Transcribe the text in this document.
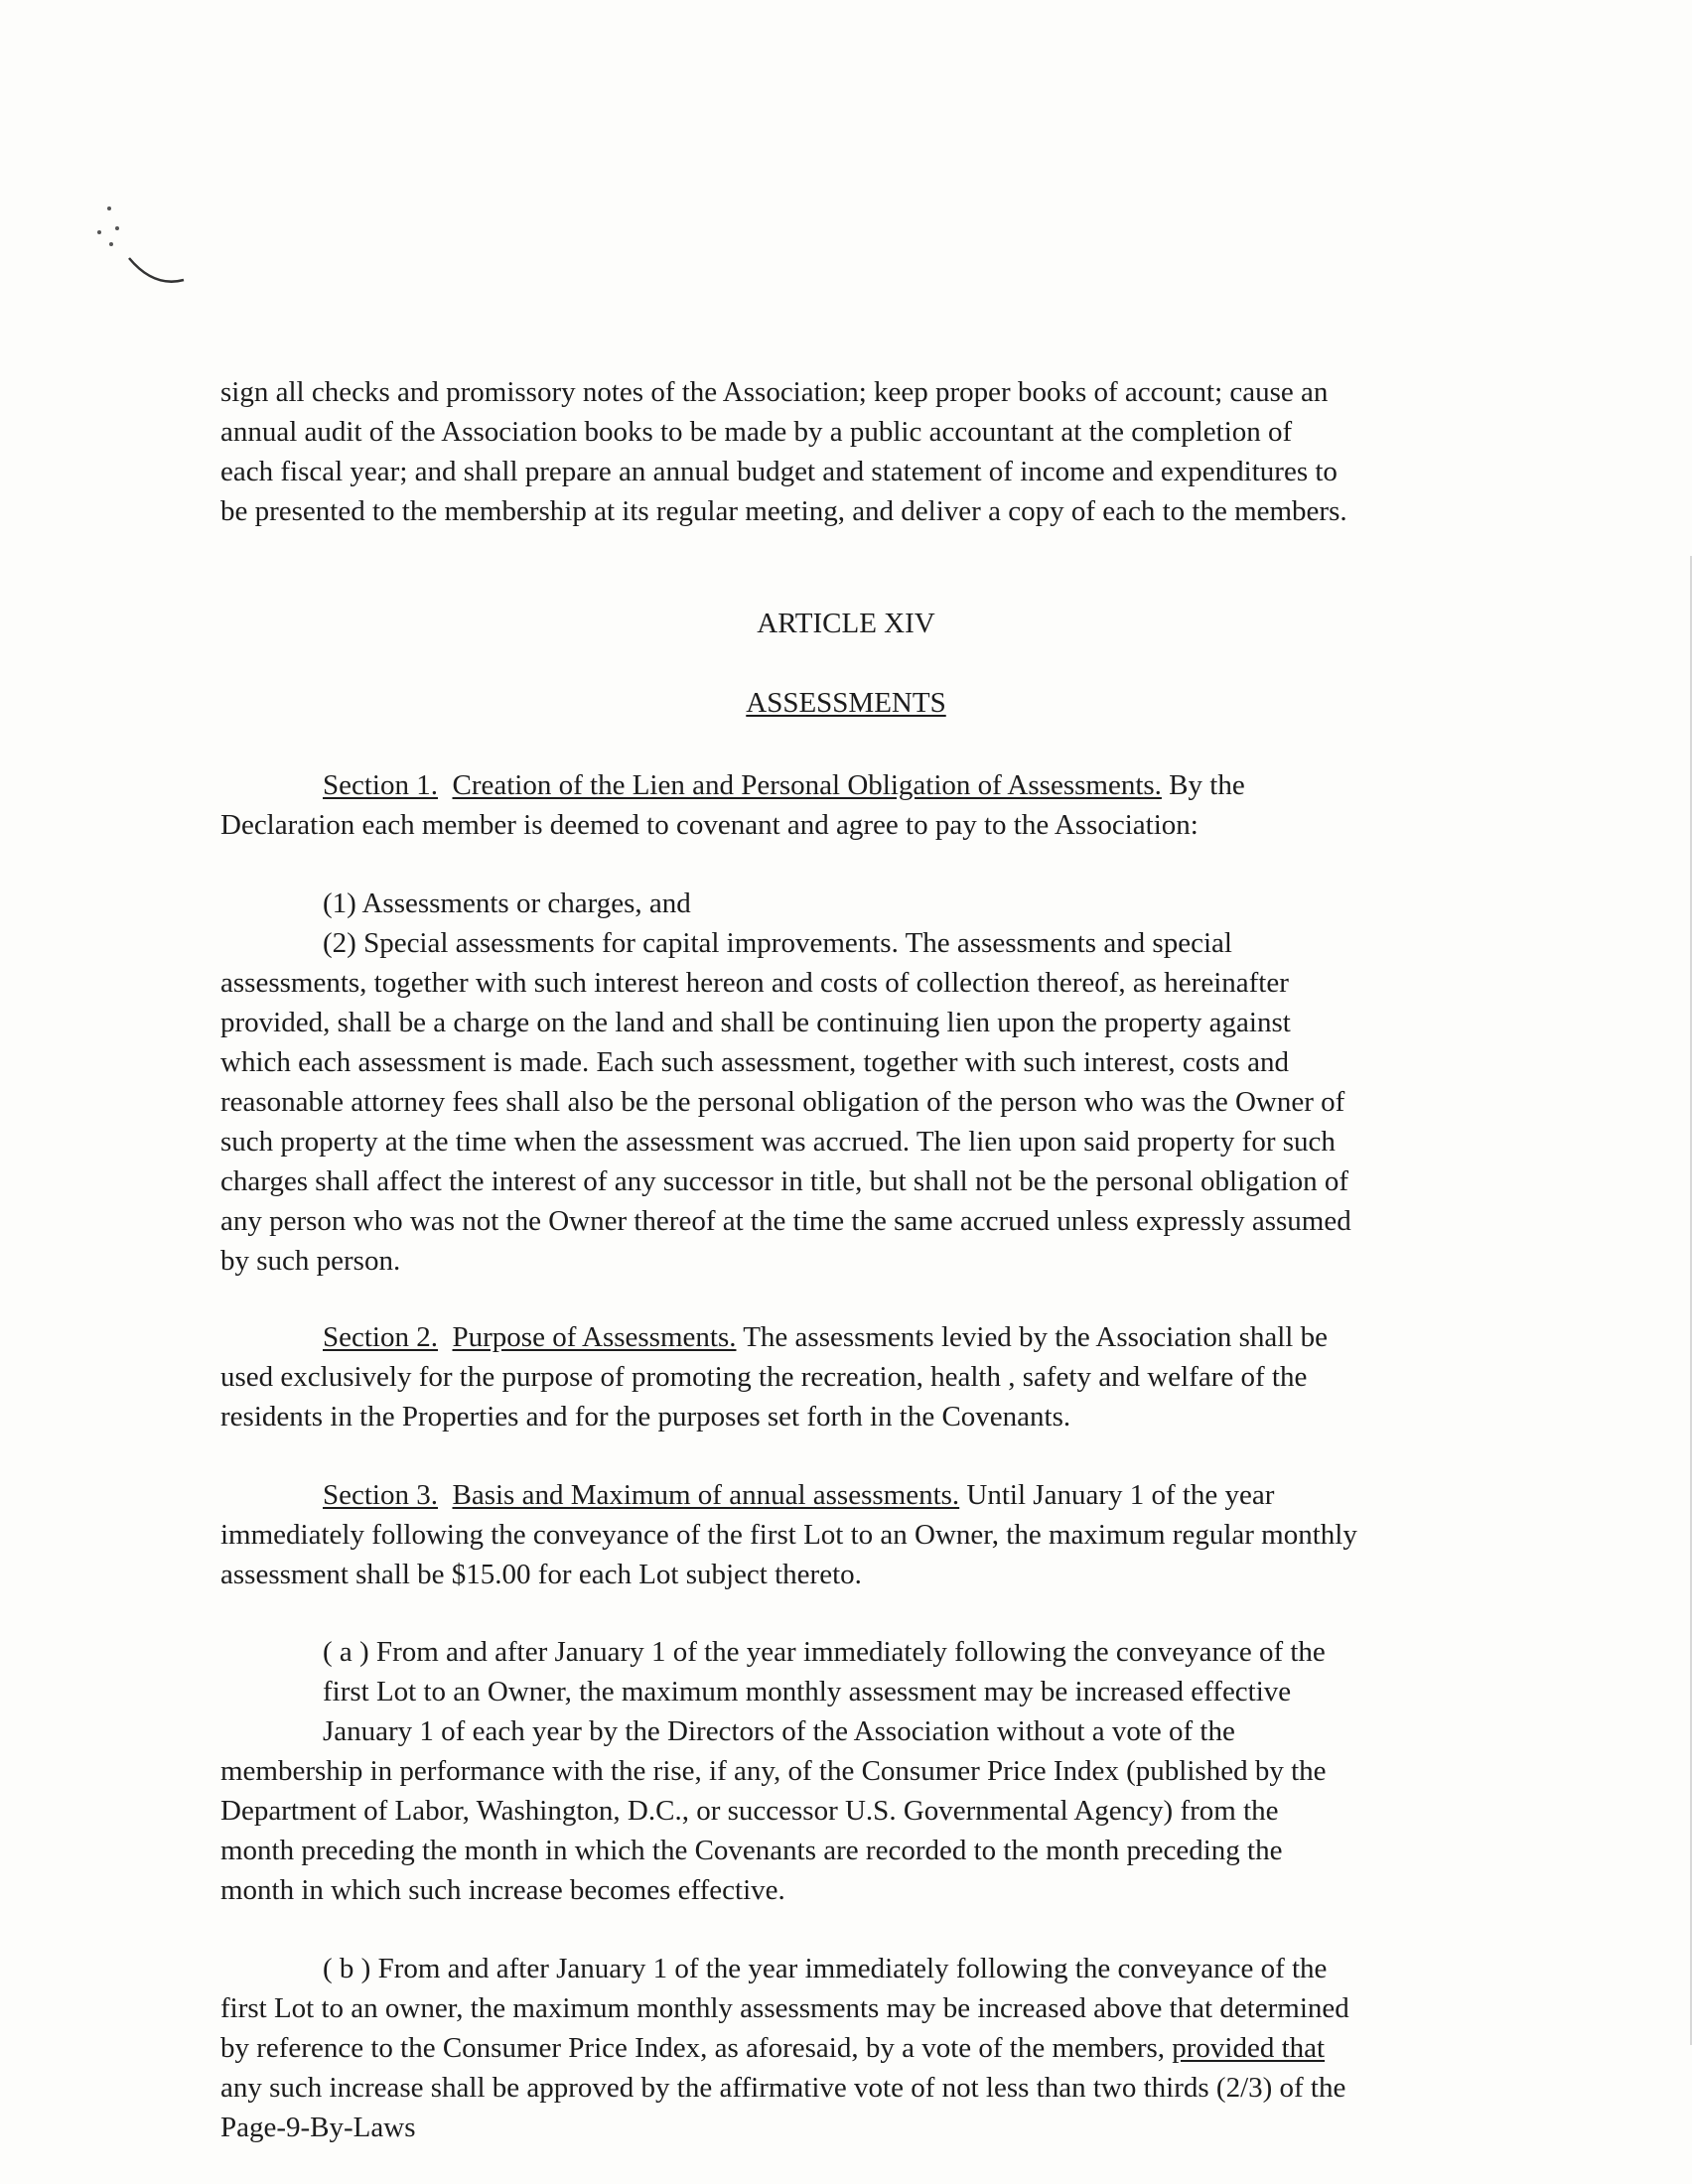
sign all checks and promissory notes of the Association; keep proper books of account; cause an
annual audit of the Association books to be made by a public accountant at the completion of
each fiscal year; and shall prepare an annual budget and statement of income and expenditures to
be presented to the membership at its regular meeting, and deliver a copy of each to the members.

ARTICLE XIV

ASSESSMENTS

Section 1. Creation of the Lien and Personal Obligation of Assessments. By the
Declaration each member is deemed to covenant and agree to pay to the Association:

(1) Assessments or charges, and
(2) Special assessments for capital improvements. The assessments and special
assessments, together with such interest hereon and costs of collection thereof, as hereinafter
provided, shall be a charge on the land and shall be continuing lien upon the property against
which each assessment is made. Each such assessment, together with such interest, costs and
reasonable attorney fees shall also be the personal obligation of the person who was the Owner of
such property at the time when the assessment was accrued. The lien upon said property for such
charges shall affect the interest of any successor in title, but shall not be the personal obligation of
any person who was not the Owner thereof at the time the same accrued unless expressly assumed
by such person.

Section 2. Purpose of Assessments. The assessments levied by the Association shall be
used exclusively for the purpose of promoting the recreation, health , safety and welfare of the
residents in the Properties and for the purposes set forth in the Covenants.

Section 3. Basis and Maximum of annual assessments. Until January 1 of the year
immediately following the conveyance of the first Lot to an Owner, the maximum regular monthly
assessment shall be $15.00 for each Lot subject thereto.

( a ) From and after January 1 of the year immediately following the conveyance of the
first Lot to an Owner, the maximum monthly assessment may be increased effective
January 1 of each year by the Directors of the Association without a vote of the
membership in performance with the rise, if any, of the Consumer Price Index (published by the
Department of Labor, Washington, D.C., or successor U.S. Governmental Agency) from the
month preceding the month in which the Covenants are recorded to the month preceding the
month in which such increase becomes effective.

( b ) From and after January 1 of the year immediately following the conveyance of the
first Lot to an owner, the maximum monthly assessments may be increased above that determined
by reference to the Consumer Price Index, as aforesaid, by a vote of the members, provided that
any such increase shall be approved by the affirmative vote of not less than two thirds (2/3) of the
Page-9-By-Laws
